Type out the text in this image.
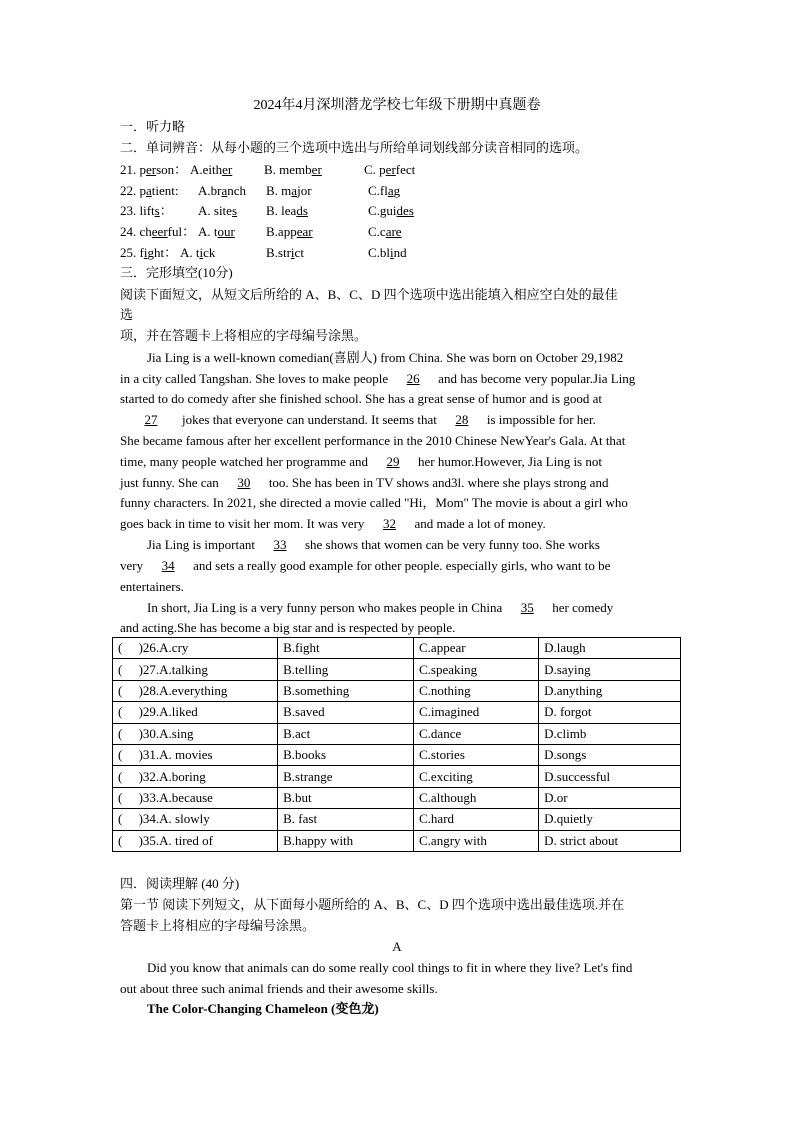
2024年4月深圳潜龙学校七年级下册期中真题卷
一．听力略
二．单词辨音：从每小题的三个选项中选出与所给单词划线部分读音相同的选项。
21. person： A.either B. member	C. perfect
22. patient: A.branch B. major	C.flag
23. lifts： A. sites B. leads	C.guides
24. cheerful： A. tour B.appear	C.care
25. fight： A. tick	B.strict	C.blind
三．完形填空(10分)
阅读下面短文，从短文后所给的 A、B、C、D 四个选项中选出能填入相应空白处的最佳
选
项，并在答题卡上将相应的字母编号涂黑。
Jia Ling is a well-known comedian(喜剧人) from China. She was born on October 29,1982
in a city called Tangshan. She loves to make people 26 and has become very popular.Jia Ling
started to do comedy after she finished school. She has a great sense of humor and is good at
27 jokes that everyone can understand. It seems that 28 is impossible for her.
She became famous after her excellent performance in the 2010 Chinese NewYear's Gala. At that
time, many people watched her programme and 29 her humor.However, Jia Ling is not
just funny. She can 30 too. She has been in TV shows and3l. where she plays strong and
funny characters. In 2021, she directed a movie called "Hi，Mom" The movie is about a girl who
goes back in time to visit her mom. It was very 32 and made a lot of money.
Jia Ling is important 33 she shows that women can be very funny too. She works
very 34 and sets a really good example for other people. especially girls, who want to be
entertainers.
In short, Jia Ling is a very funny person who makes people in China 35 her comedy
and acting.She has become a big star and is respected by people.
(　 )26.A.cry	B.fight	C.appear	D.laugh
(　 )27.A.talking	B.telling	C.speaking	D.saying
(　 )28.A.everything	B.something	C.nothing	D.anything
(　 )29.A.liked	B.saved	C.imagined	D. forgot
(　 )30.A.sing	B.act	C.dance	D.climb
(　 )31.A. movies	B.books	C.stories	D.songs
(　 )32.A.boring	B.strange	C.exciting	D.successful
(　 )33.A.because	B.but	C.although	D.or
(　 )34.A. slowly	B. fast	C.hard	D.quietly
(　 )35.A. tired of	B.happy with	C.angry with	D. strict about
四．阅读理解 (40 分)
第一节 阅读下列短文，从下面每小题所给的 A、B、C、D 四个选项中选出最佳选项.并在
答题卡上将相应的字母编号涂黑。
A
Did you know that animals can do some really cool things to fit in where they live? Let's find
out about three such animal friends and their awesome skills.
The Color-Changing Chameleon (变色龙)
